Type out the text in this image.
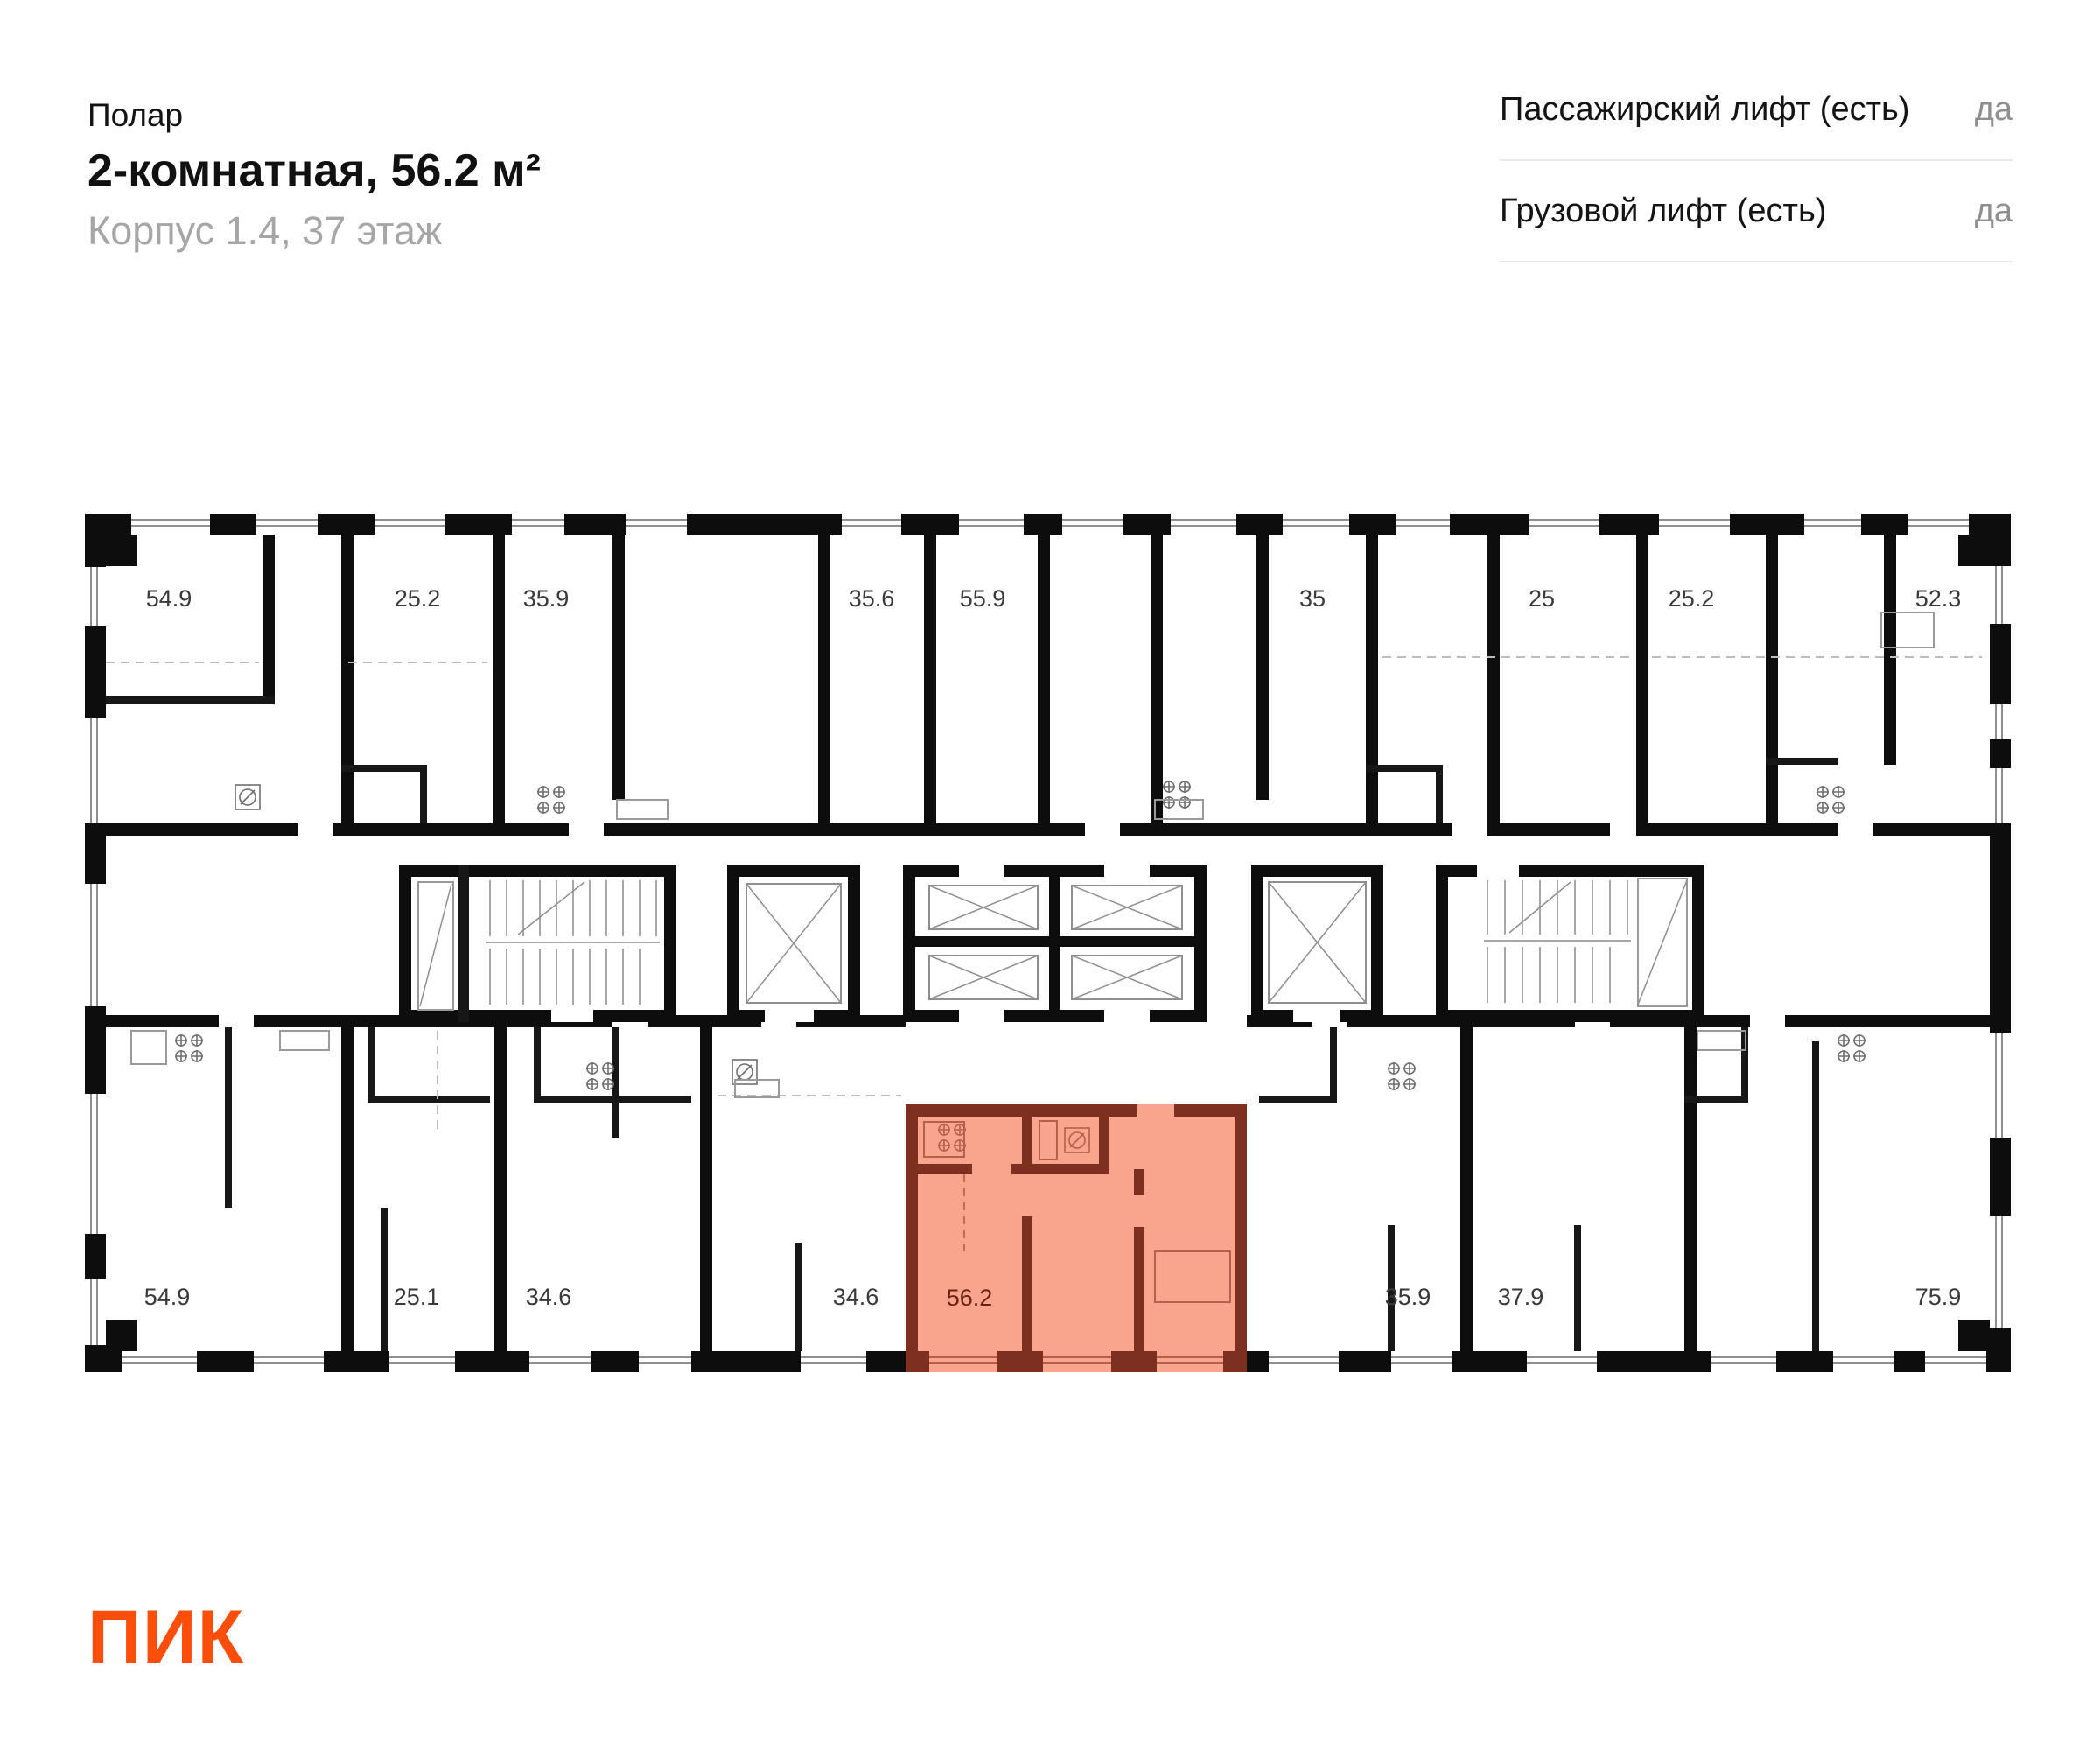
Полар
2-комнатная, 56.2 м²
Корпус 1.4, 37 этаж
Пассажирский лифт (есть) да
Грузовой лифт (есть)	да
56.2
54.9	25.2	35.9	35.6	55.9	35	25	25.2	52.3
54.9	25.1	34.6	34.6	35.9	37.9	75.9
ПИК
